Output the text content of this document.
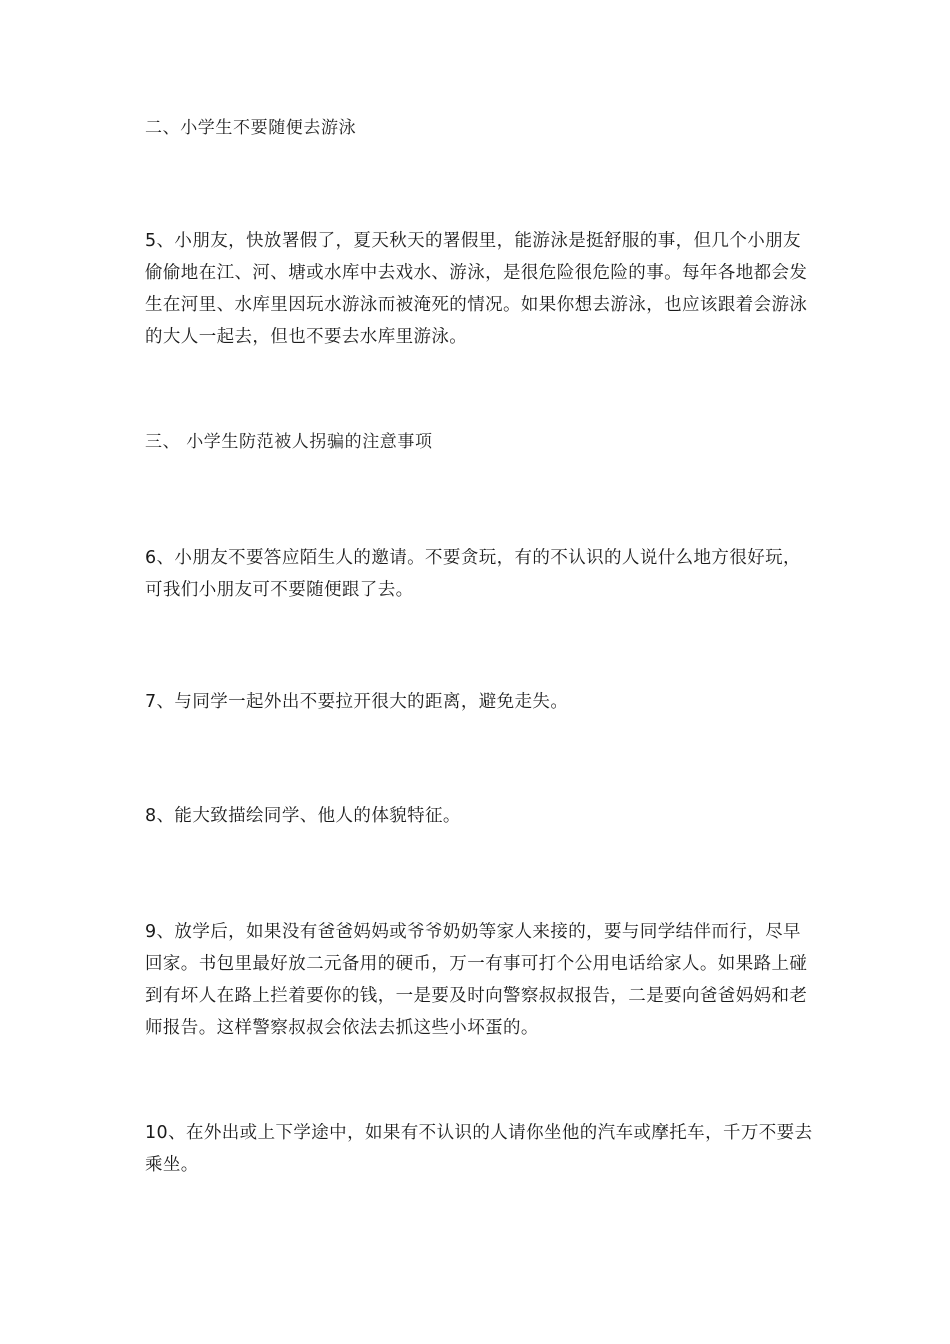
二、小学生不要随便去游泳

5、小朋友，快放署假了，夏天秋天的署假里，能游泳是挺舒服的事，但几个小朋友偷偷地在江、河、塘或水库中去戏水、游泳，是很危险很危险的事。每年各地都会发生在河里、水库里因玩水游泳而被淹死的情况。如果你想去游泳，也应该跟着会游泳的大人一起去，但也不要去水库里游泳。

三、 小学生防范被人拐骗的注意事项

6、小朋友不要答应陌生人的邀请。不要贪玩，有的不认识的人说什么地方很好玩，可我们小朋友可不要随便跟了去。

7、与同学一起外出不要拉开很大的距离，避免走失。

8、能大致描绘同学、他人的体貌特征。

9、放学后，如果没有爸爸妈妈或爷爷奶奶等家人来接的，要与同学结伴而行，尽早回家。书包里最好放二元备用的硬币，万一有事可打个公用电话给家人。如果路上碰到有坏人在路上拦着要你的钱，一是要及时向警察叔叔报告，二是要向爸爸妈妈和老师报告。这样警察叔叔会依法去抓这些小坏蛋的。

10、在外出或上下学途中，如果有不认识的人请你坐他的汽车或摩托车，千万不要去乘坐。
